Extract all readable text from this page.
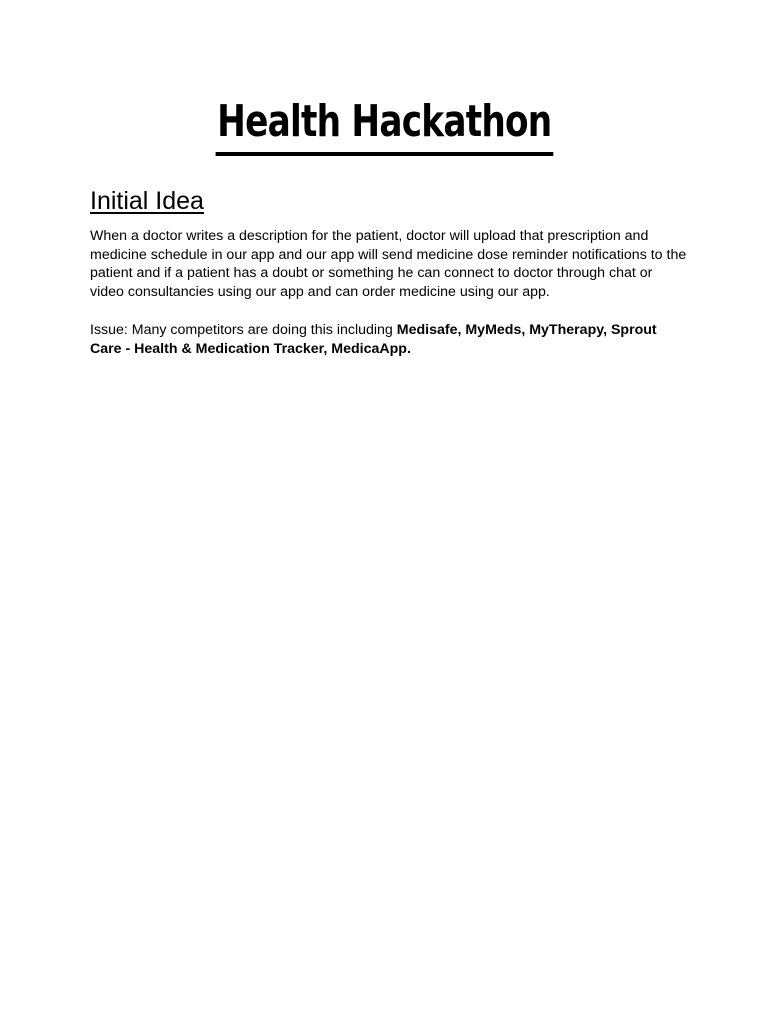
Health Hackathon
Initial Idea

When a doctor writes a description for the patient, doctor will upload that prescription and medicine schedule in our app and our app will send medicine dose reminder notifications to the patient and if a patient has a doubt or something he can connect to doctor through chat or video consultancies using our app and can order medicine using our app.

Issue: Many competitors are doing this including Medisafe, MyMeds, MyTherapy, Sprout Care - Health & Medication Tracker, MedicaApp.
